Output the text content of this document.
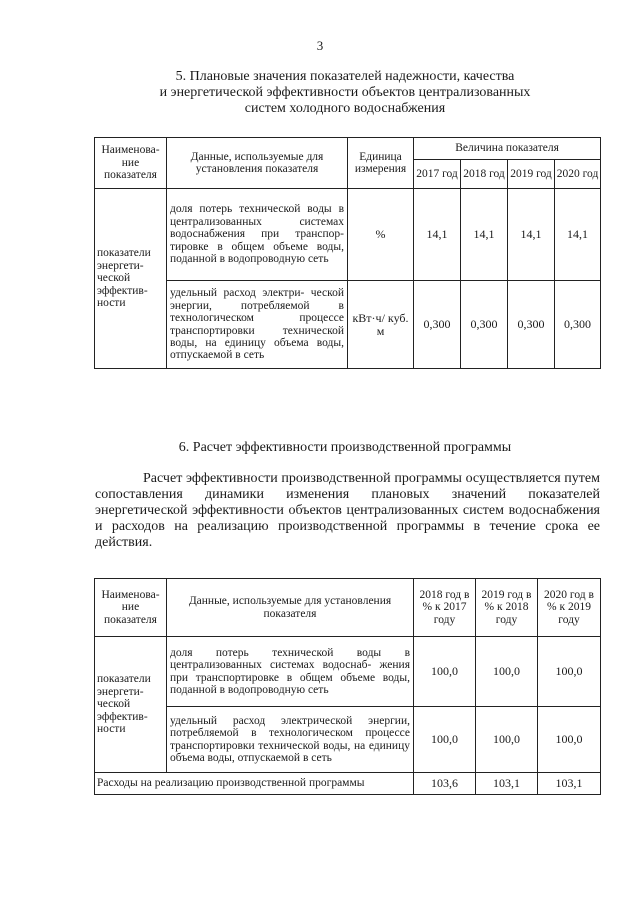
3
5. Плановые значения показателей надежности, качества
и энергетической эффективности объектов централизованных
систем холодного водоснабжения
Наименова- ние показателя	Данные, используемые для установления показателя	Единица измерения	Величина показателя			
			2017 год	2018 год	2019 год	2020 год
показатели энергети- ческой эффектив- ности	доля потерь технической воды в централизованных системах водоснабжения при транспор- тировке в общем объеме воды, поданной в водопроводную сеть	%	14,1	14,1	14,1	14,1
	удельный расход электри- ческой энергии, потребляемой в технологическом процессе транспортировки технической воды, на единицу объема воды, отпускаемой в сеть	кВт·ч/ куб. м	0,300	0,300	0,300	0,300
6. Расчет эффективности производственной программы
Расчет эффективности производственной программы осуществляется путем сопоставления динамики изменения плановых значений показателей энергетической эффективности объектов централизованных систем водоснабжения и расходов на реализацию производственной программы в течение срока ее действия.
Наименова- ние показателя	Данные, используемые для установления показателя	2018 год в % к 2017 году	2019 год в % к 2018 году	2020 год в % к 2019 году
показатели энергети- ческой эффектив- ности	доля потерь технической воды в централизованных системах водоснаб- жения при транспортировке в общем объеме воды, поданной в водопроводную сеть	100,0	100,0	100,0
	удельный расход электрической энергии, потребляемой в технологическом процессе транспортировки технической воды, на единицу объема воды, отпускаемой в сеть	100,0	100,0	100,0
Расходы на реализацию производственной программы		103,6	103,1	103,1
